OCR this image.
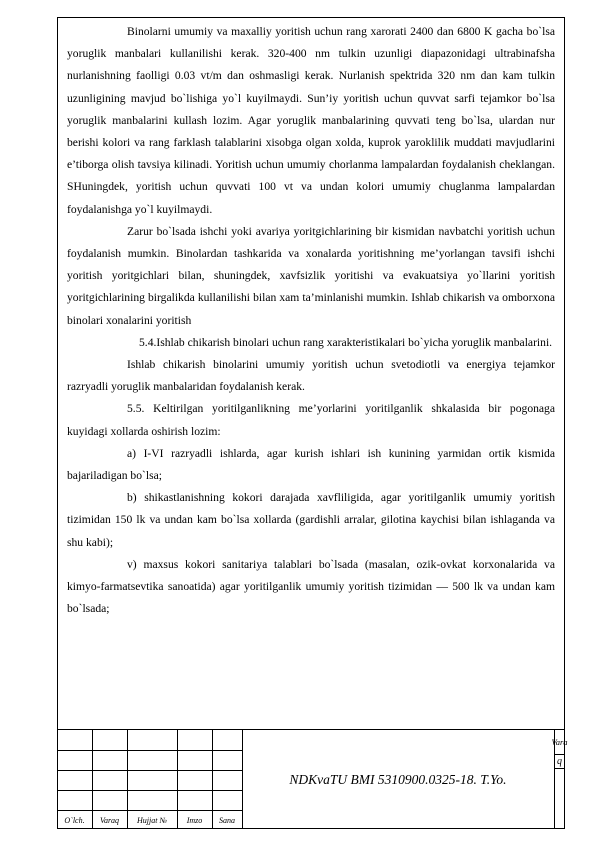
Binolarni umumiy va maxalliy yoritish uchun rang xarorati 2400 dan 6800 K gacha bo`lsa yoruglik manbalari kullanilishi kerak. 320-400 nm tulkin uzunligi diapazonidagi ultrabinafsha nurlanishning faolligi 0.03 vt/m dan oshmasligi kerak. Nurlanish spektrida 320 nm dan kam tulkin uzunligining mavjud bo`lishiga yo`l kuyilmaydi. Sun’iy yoritish uchun quvvat sarfi tejamkor bo`lsa yoruglik manbalarini kullash lozim. Agar yoruglik manbalarining quvvati teng bo`lsa, ulardan nur berishi kolori va rang farklash talablarini xisobga olgan xolda, kuprok yaroklilik muddati mavjudlarini e’tiborga olish tavsiya kilinadi. Yoritish uchun umumiy chorlanma lampalardan foydalanish cheklangan. SHuningdek, yoritish uchun quvvati 100 vt va undan kolori umumiy chuglanma lampalardan foydalanishga yo`l kuyilmaydi.

Zarur bo`lsada ishchi yoki avariya yoritgichlarining bir kismidan navbatchi yoritish uchun foydalanish mumkin. Binolardan tashkarida va xonalarda yoritishning me’yorlangan tavsifi ishchi yoritish yoritgichlari bilan, shuningdek, xavfsizlik yoritishi va evakuatsiya yo`llarini yoritish yoritgichlarining birgalikda kullanilishi bilan xam ta’minlanishi mumkin. Ishlab chikarish va omborxona binolari xonalarini yoritish

5.4.Ishlab chikarish binolari uchun rang xarakteristikalari bo`yicha yoruglik manbalarini.

Ishlab chikarish binolarini umumiy yoritish uchun svetodiotli va energiya tejamkor razryadli yoruglik manbalaridan foydalanish kerak.

5.5. Keltirilgan yoritilganlikning me’yorlarini yoritilganlik shkalasida bir pogonaga kuyidagi xollarda oshirish lozim:

a) I-VI razryadli ishlarda, agar kurish ishlari ish kunining yarmidan ortik kismida bajariladigan bo`lsa;

b) shikastlanishning kokori darajada xavfliligida, agar yoritilganlik umumiy yoritish tizimidan 150 lk va undan kam bo`lsa xollarda (gardishli arralar, gilotina kaychisi bilan ishlaganda va shu kabi);

v) maxsus kokori sanitariya talablari bo`lsada (masalan, ozik-ovkat korxonalarida va kimyo-farmatsevtika sanoatida) agar yoritilganlik umumiy yoritish tizimidan — 500 lk va undan kam bo`lsada;

O`lch.	Varaq	Hujjat №	Imzo	Sana
NDKvaTU BMI 5310900.0325-18. T.Yo.
Vara
q
